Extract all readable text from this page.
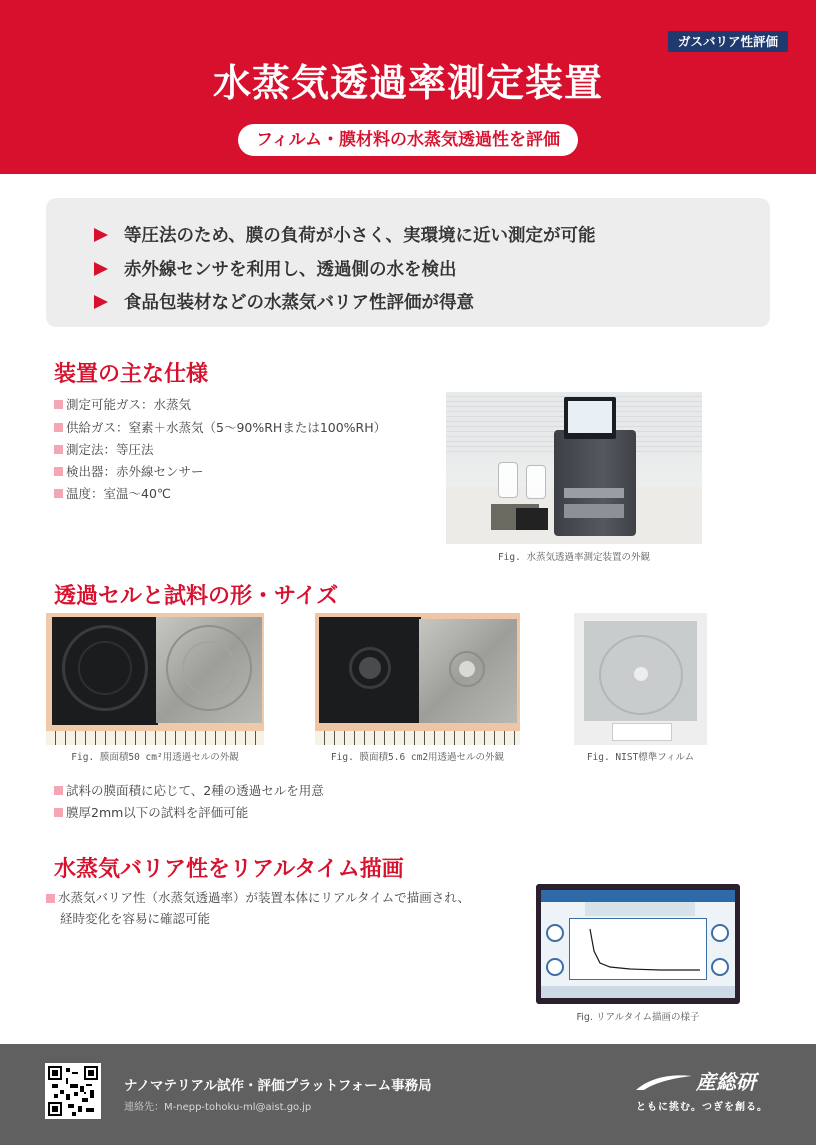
ガスバリア性評価
水蒸気透過率測定装置
フィルム・膜材料の水蒸気透過性を評価
等圧法のため、膜の負荷が小さく、実環境に近い測定が可能
赤外線センサを利用し、透過側の水を検出
食品包装材などの水蒸気バリア性評価が得意
装置の主な仕様
測定可能ガス：水蒸気
供給ガス：窒素＋水蒸気（5～90%RHまたは100%RH）
測定法：等圧法
検出器：赤外線センサー
温度：室温～40℃
Fig. 水蒸気透過率測定装置の外観
透過セルと試料の形・サイズ
Fig. 膜面積50 cm²用透過セルの外観	Fig. 膜面積5.6 cm2用透過セルの外観	Fig. NIST標準フィルム
試料の膜面積に応じて、2種の透過セルを用意
膜厚2mm以下の試料を評価可能
水蒸気バリア性をリアルタイム描画
水蒸気バリア性（水蒸気透過率）が装置本体にリアルタイムで描画され、
経時変化を容易に確認可能
Fig. リアルタイム描画の様子
ナノマテリアル試作・評価プラットフォーム事務局
連絡先：M-nepp-tohoku-ml@aist.go.jp
産総研
ともに挑む。つぎを創る。
